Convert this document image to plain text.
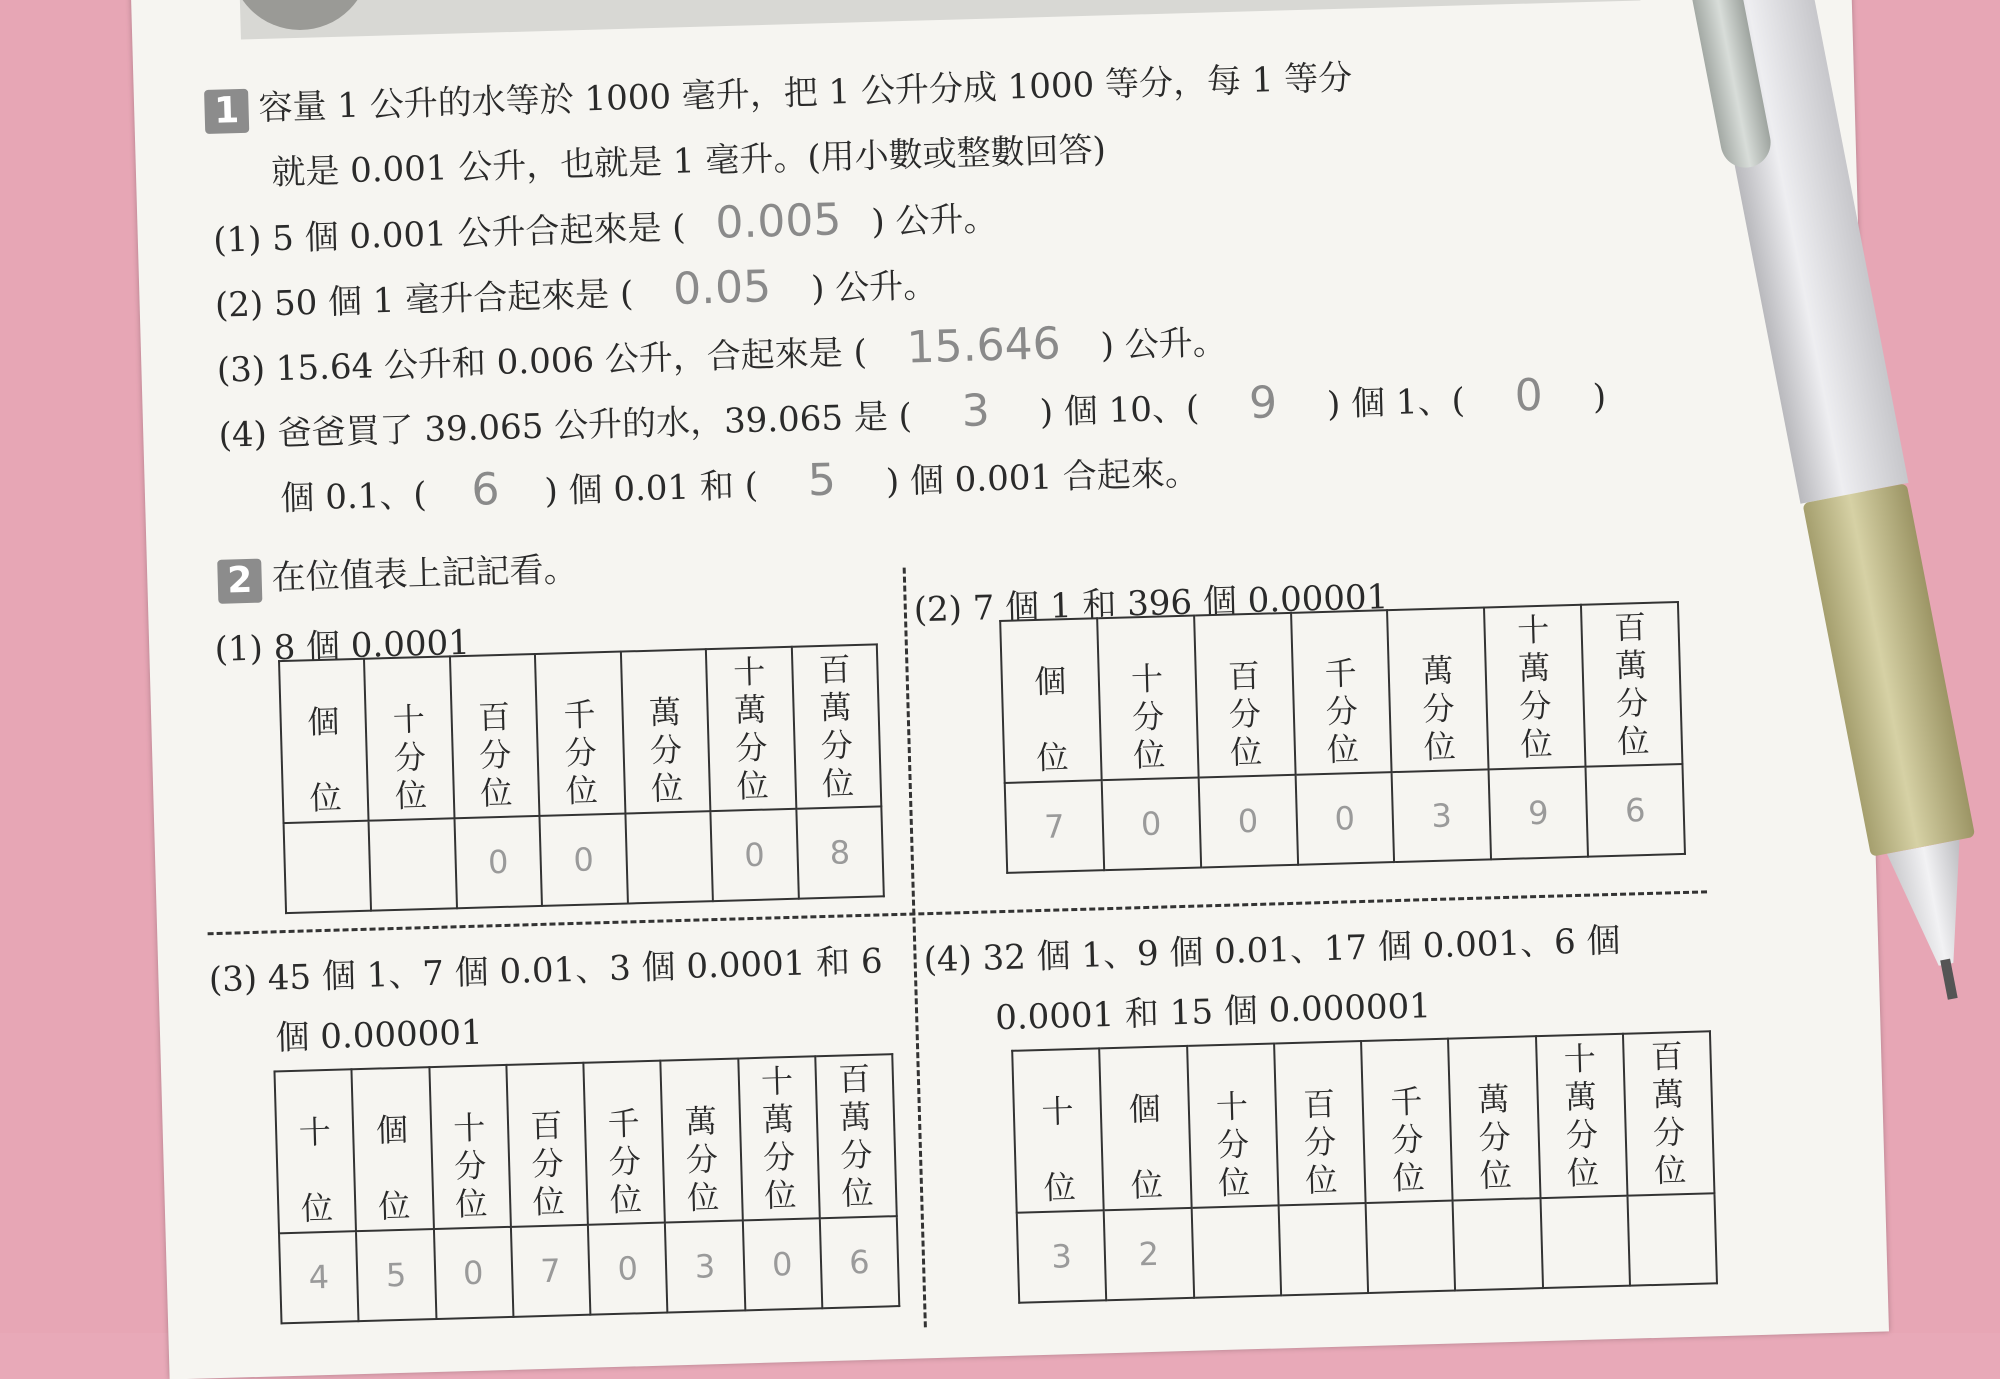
1 容量 1 公升的水等於 1000 毫升，把 1 公升分成 1000 等分，每 1 等分
就是 0.001 公升，也就是 1 毫升。(用小數或整數回答)
(1) 5 個 0.001 公升合起來是 ( 0.005 ) 公升。
(2) 50 個 1 毫升合起來是 ( 0.05 ) 公升。
(3) 15.64 公升和 0.006 公升，合起來是 ( 15.646 ) 公升。
(4) 爸爸買了 39.065 公升的水，39.065 是 ( 3 ) 個 10、( 9 ) 個 1、( 0 )
個 0.1、( 6 ) 個 0.01 和 ( 5 ) 個 0.001 合起來。
2 在位值表上記記看。
(1) 8 個 0.0001
(2) 7 個 1 和 396 個 0.00001
個

位	十
分
位	百
分
位	千
分
位	萬
分
位	十
萬
分
位	百
萬
分
位

		0	0		0	8
個

位	十
分
位	百
分
位	千
分
位	萬
分
位	十
萬
分
位	百
萬
分
位

7	0	0	0	3	9	6
(3) 45 個 1、7 個 0.01、3 個 0.0001 和 6
個 0.000001
(4) 32 個 1、9 個 0.01、17 個 0.001、6 個
0.0001 和 15 個 0.000001
十

位	個

位	十
分
位	百
分
位	千
分
位	萬
分
位	十
萬
分
位	百
萬
分
位

4	5	0	7	0	3	0	6
十

位	個

位	十
分
位	百
分
位	千
分
位	萬
分
位	十
萬
分
位	百
萬
分
位

3	2						
